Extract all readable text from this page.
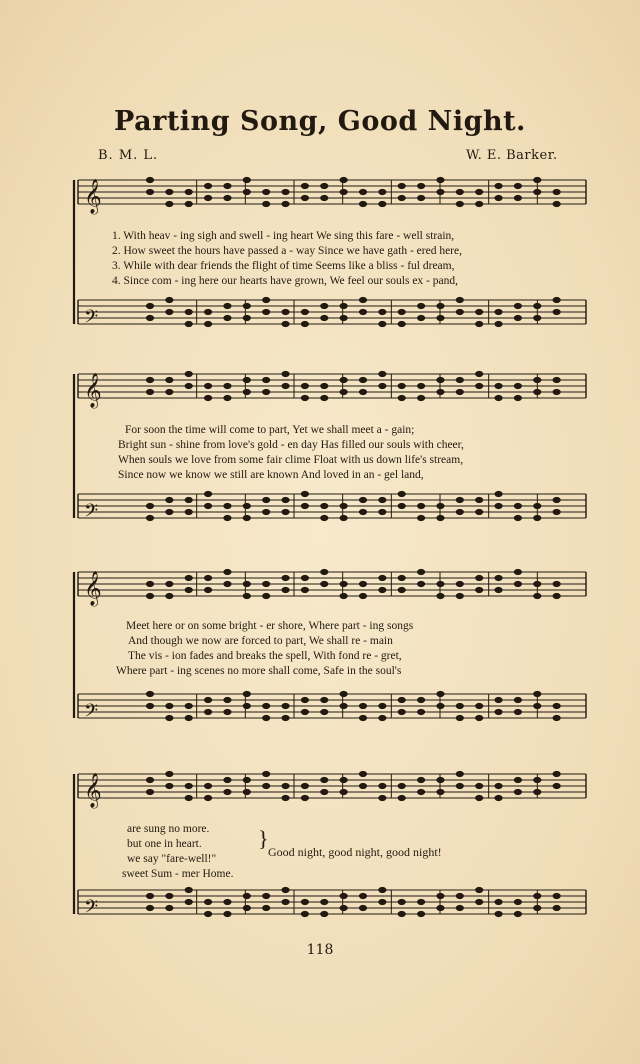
Parting Song, Good Night.
B. M. L.	W. E. Barker.
𝄞
𝄢
𝄞
𝄢
𝄞
𝄢
𝄞
𝄢
1. With heav - ing sigh and swell - ing heart We sing this fare - well strain,
2. How sweet the hours have passed a - way Since we have gath - ered here,
3. While with dear friends the flight of time Seems like a bliss - ful dream,
4. Since com - ing here our hearts have grown, We feel our souls ex - pand,
For soon the time will come to part, Yet we shall meet a - gain;
Bright sun - shine from love's gold - en day Has filled our souls with cheer,
When souls we love from some fair clime Float with us down life's stream,
Since now we know we still are known And loved in an - gel land,
Meet here or on some bright - er shore, Where part - ing songs
And though we now are forced to part, We shall re - main
The vis - ion fades and breaks the spell, With fond re - gret,
Where part - ing scenes no more shall come, Safe in the soul's
are sung no more.
but one in heart.
we say "fare-well!"
sweet Sum - mer Home.
}
Good night, good night, good night!
118
